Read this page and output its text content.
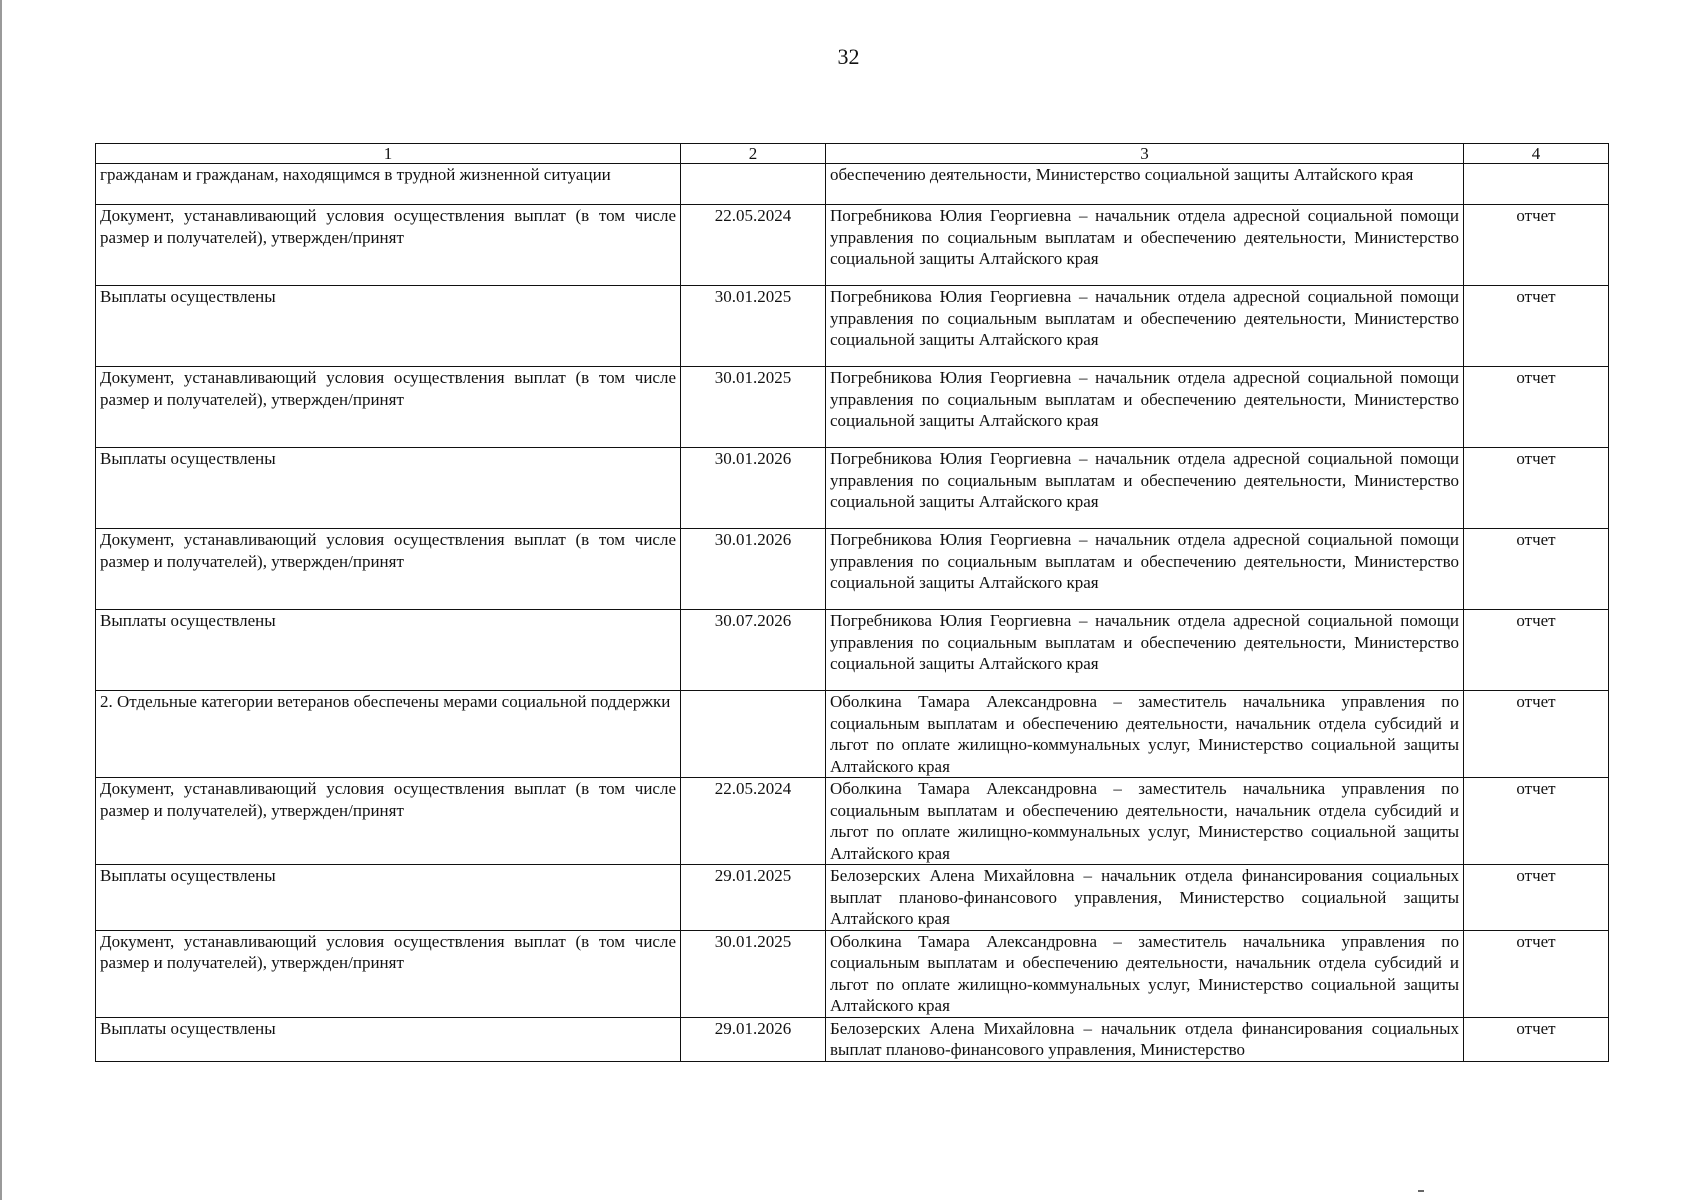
32
1	2	3	4
гражданам и гражданам, находящимся в трудной жизненной ситуации		обеспечению деятельности, Министерство социальной защиты Алтайского края	
Документ, устанавливающий условия осуществления выплат (в том числе размер и получателей), утвержден/принят	22.05.2024	Погребникова Юлия Георгиевна – начальник отдела адресной социальной помощи управления по социальным выплатам и обеспечению деятельности, Министерство социальной защиты Алтайского края	отчет
Выплаты осуществлены	30.01.2025	Погребникова Юлия Георгиевна – начальник отдела адресной социальной помощи управления по социальным выплатам и обеспечению деятельности, Министерство социальной защиты Алтайского края	отчет
Документ, устанавливающий условия осуществления выплат (в том числе размер и получателей), утвержден/принят	30.01.2025	Погребникова Юлия Георгиевна – начальник отдела адресной социальной помощи управления по социальным выплатам и обеспечению деятельности, Министерство социальной защиты Алтайского края	отчет
Выплаты осуществлены	30.01.2026	Погребникова Юлия Георгиевна – начальник отдела адресной социальной помощи управления по социальным выплатам и обеспечению деятельности, Министерство социальной защиты Алтайского края	отчет
Документ, устанавливающий условия осуществления выплат (в том числе размер и получателей), утвержден/принят	30.01.2026	Погребникова Юлия Георгиевна – начальник отдела адресной социальной помощи управления по социальным выплатам и обеспечению деятельности, Министерство социальной защиты Алтайского края	отчет
Выплаты осуществлены	30.07.2026	Погребникова Юлия Георгиевна – начальник отдела адресной социальной помощи управления по социальным выплатам и обеспечению деятельности, Министерство социальной защиты Алтайского края	отчет
2. Отдельные категории ветеранов обеспечены мерами социальной поддержки		Оболкина Тамара Александровна – заместитель начальника управления по социальным выплатам и обеспечению деятельности, начальник отдела субсидий и льгот по оплате жилищно-коммунальных услуг, Министерство социальной защиты Алтайского края	отчет
Документ, устанавливающий условия осуществления выплат (в том числе размер и получателей), утвержден/принят	22.05.2024	Оболкина Тамара Александровна – заместитель начальника управления по социальным выплатам и обеспечению деятельности, начальник отдела субсидий и льгот по оплате жилищно-коммунальных услуг, Министерство социальной защиты Алтайского края	отчет
Выплаты осуществлены	29.01.2025	Белозерских Алена Михайловна – начальник отдела финансирования социальных выплат планово-финансового управления, Министерство социальной защиты Алтайского края	отчет
Документ, устанавливающий условия осуществления выплат (в том числе размер и получателей), утвержден/принят	30.01.2025	Оболкина Тамара Александровна – заместитель начальника управления по социальным выплатам и обеспечению деятельности, начальник отдела субсидий и льгот по оплате жилищно-коммунальных услуг, Министерство социальной защиты Алтайского края	отчет
Выплаты осуществлены	29.01.2026	Белозерских Алена Михайловна – начальник отдела финансирования социальных выплат планово-финансового управления, Министерство	отчет
